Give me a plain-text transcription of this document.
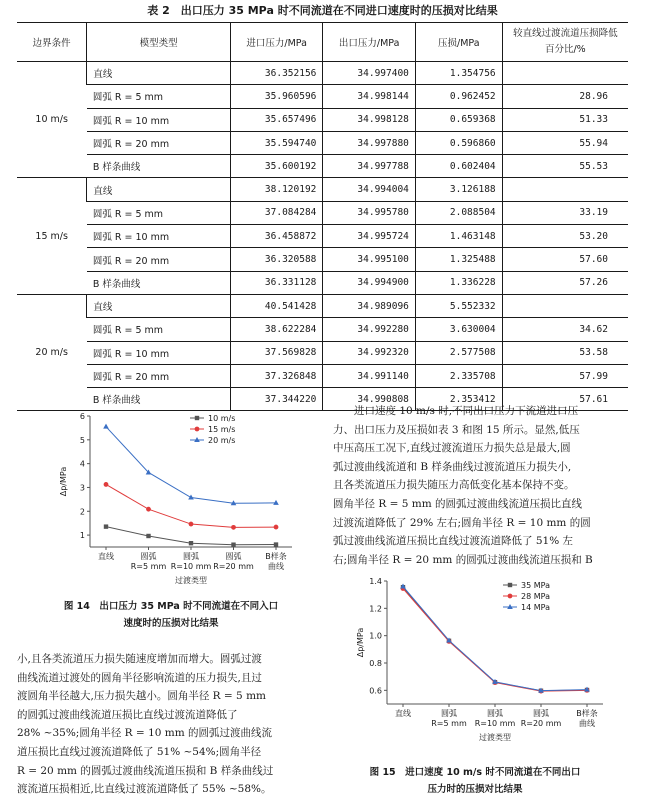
表 2　出口压力 35 MPa 时不同流道在不同进口速度时的压损对比结果
边界条件	模型类型	进口压力/MPa	出口压力/MPa	压损/MPa	较直线过渡流道压损降低百分比/%
10 m/s	直线	36.352156	34.997400	1.354756	
	圆弧 R = 5 mm	35.960596	34.998144	0.962452	28.96
	圆弧 R = 10 mm	35.657496	34.998128	0.659368	51.33
	圆弧 R = 20 mm	35.594740	34.997880	0.596860	55.94
	B 样条曲线	35.600192	34.997788	0.602404	55.53
15 m/s	直线	38.120192	34.994004	3.126188	
	圆弧 R = 5 mm	37.084284	34.995780	2.088504	33.19
	圆弧 R = 10 mm	36.458872	34.995724	1.463148	53.20
	圆弧 R = 20 mm	36.320588	34.995100	1.325488	57.60
	B 样条曲线	36.331128	34.994900	1.336228	57.26
20 m/s	直线	40.541428	34.989096	5.552332	
	圆弧 R = 5 mm	38.622284	34.992280	3.630004	34.62
	圆弧 R = 10 mm	37.569828	34.992320	2.577508	53.58
	圆弧 R = 20 mm	37.326848	34.991140	2.335708	57.99
	B 样条曲线	37.344220	34.990808	2.353412	57.61
1
2
3
4
5
6
直线	圆弧
R=5 mm
圆弧
R=10 mm
圆弧
R=20 mm
B样条
曲线
过渡类型
Δp/MPa
10 m/s
15 m/s
20 m/s
图 14　出口压力 35 MPa 时不同流道在不同入口
速度时的压损对比结果
0.6
0.8
1.0
1.2
1.4
直线	圆弧
R=5 mm
圆弧
R=10 mm
圆弧
R=20 mm
B样条
曲线
过渡类型
Δp/MPa
35 MPa
28 MPa
14 MPa
图 15　进口速度 10 m/s 时不同流道在不同出口
压力时的压损对比结果
小,且各类流道压力损失随速度增加而增大。圆弧过渡
曲线流道过渡处的圆角半径影响流道的压力损失,且过
渡圆角半径越大,压力损失越小。圆角半径 R = 5 mm
的圆弧过渡曲线流道压损比直线过渡流道降低了
28% ~35%;圆角半径 R = 10 mm 的圆弧过渡曲线流
道压损比直线过渡流道降低了 51% ~54%;圆角半径
R = 20 mm 的圆弧过渡曲线流道压损和 B 样条曲线过
渡流道压损相近,比直线过渡流道降低了 55% ~58%。
　　进口速度 10 m/s 时,不同出口压力下流道进口压
力、出口压力及压损如表 3 和图 15 所示。显然,低压
中压高压工况下,直线过渡流道压力损失总是最大,圆
弧过渡曲线流道和 B 样条曲线过渡流道压力损失小,
且各类流道压力损失随压力高低变化基本保持不变。
圆角半径 R = 5 mm 的圆弧过渡曲线流道压损比直线
过渡流道降低了 29% 左右;圆角半径 R = 10 mm 的圆
弧过渡曲线流道压损比直线过渡流道降低了 51% 左
右;圆角半径 R = 20 mm 的圆弧过渡曲线流道压损和 B
